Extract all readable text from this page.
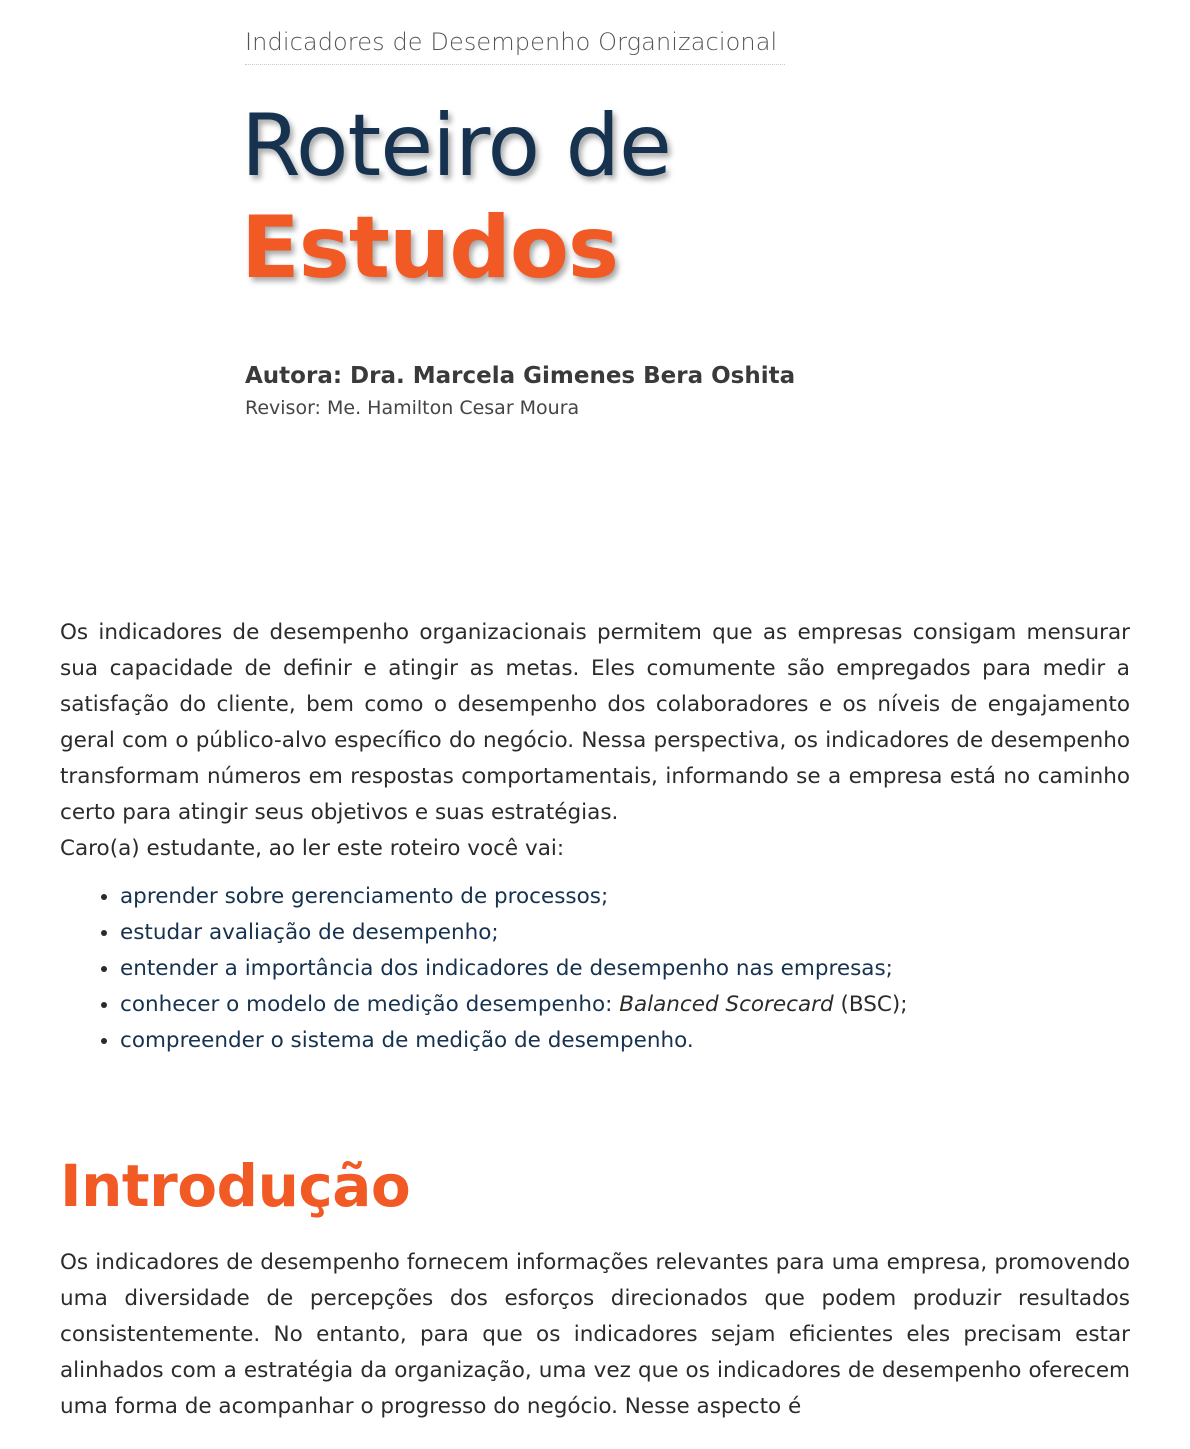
Indicadores de Desempenho Organizacional
Roteiro de
Estudos
Autora: Dra. Marcela Gimenes Bera Oshita
Revisor: Me. Hamilton Cesar Moura

Os indicadores de desempenho organizacionais permitem que as empresas consigam mensurar sua capacidade de definir e atingir as metas. Eles comumente são empregados para medir a satisfação do cliente, bem como o desempenho dos colaboradores e os níveis de engajamento geral com o público-alvo específico do negócio. Nessa perspectiva, os indicadores de desempenho transformam números em respostas comportamentais, informando se a empresa está no caminho certo para atingir seus objetivos e suas estratégias.

Caro(a) estudante, ao ler este roteiro você vai:

• aprender sobre gerenciamento de processos;
• estudar avaliação de desempenho;
• entender a importância dos indicadores de desempenho nas empresas;
• conhecer o modelo de medição desempenho: Balanced Scorecard (BSC);
• compreender o sistema de medição de desempenho.
Introdução

Os indicadores de desempenho fornecem informações relevantes para uma empresa, promovendo uma diversidade de percepções dos esforços direcionados que podem produzir resultados consistentemente. No entanto, para que os indicadores sejam eficientes eles precisam estar alinhados com a estratégia da organização, uma vez que os indicadores de desempenho oferecem uma forma de acompanhar o progresso do negócio. Nesse aspecto é
